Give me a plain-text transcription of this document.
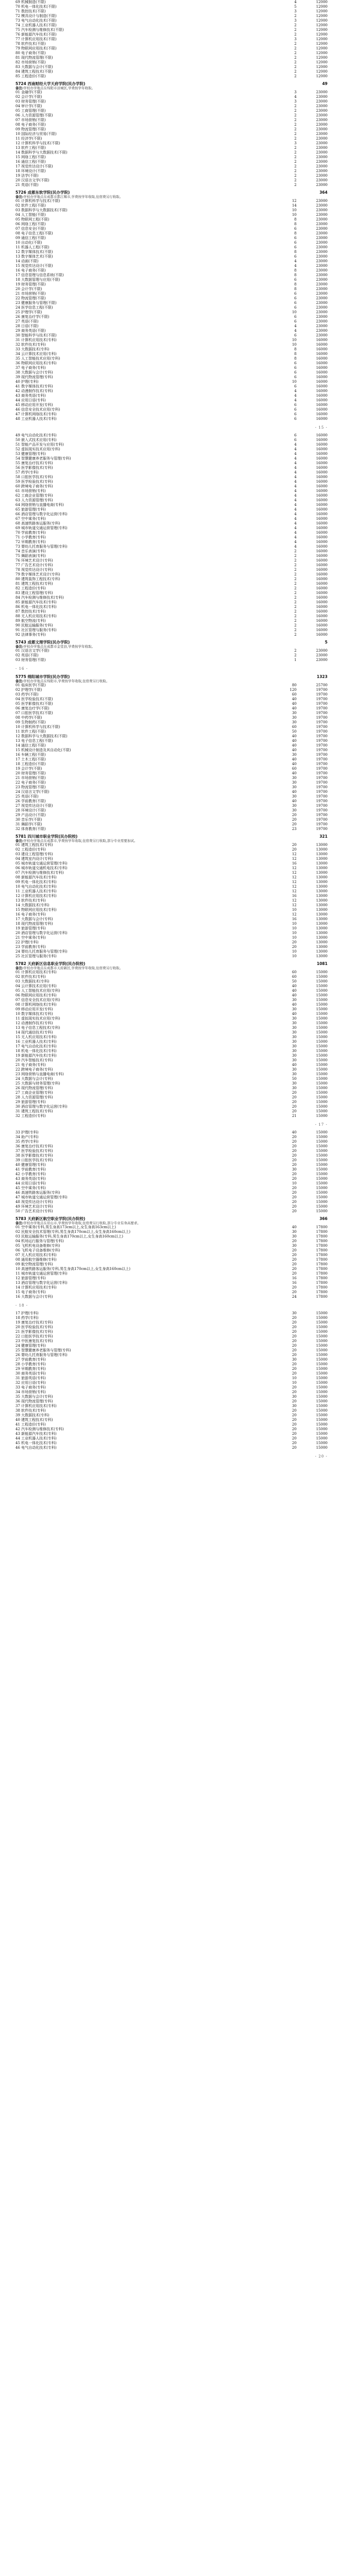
69 机械制造(不限)	4	12000
70 机电一体化技术(不限)	5	12000
71 数控技术(不限)	3	12000
72 模具设计与制造(不限)	2	12000
73 电气自动化技术(不限)	3	12000
74 工业机器人技术(不限)	2	12000
75 汽车检测与维修技术(不限)	2	12000
76 新能源汽车技术(不限)	2	12000
77 计算机应用技术(不限)	3	12000
78 软件技术(不限)	2	12000
79 物联网应用技术(不限)	2	12000
80 电子商务(不限)	2	12000
81 现代物流管理(不限)	2	12000
82 市场营销(不限)	2	12000
83 大数据与会计(不限)	2	12000
84 建筑工程技术(不限)	2	12000
85 工程造价(不限)	2	12000
5724 西南财经大学天府学院(民办学院)	49
备注:学校办学地点在绵阳市涪城区,学费按学年收取。
01 金融学(不限)	3	23000
02 会计学(不限)	4	23000
03 财务管理(不限)	3	23000
04 审计学(不限)	2	23000
05 工商管理(不限)	2	23000
06 人力资源管理(不限)	2	23000
07 市场营销(不限)	2	23000
08 电子商务(不限)	2	23000
09 物流管理(不限)	2	23000
10 国际经济与贸易(不限)	2	23000
11 经济学(不限)	2	23000
12 计算机科学与技术(不限)	3	23000
13 软件工程(不限)	2	23000
14 数据科学与大数据技术(不限)	2	23000
15 网络工程(不限)	2	23000
16 通信工程(不限)	2	23000
17 视觉传达设计(不限)	2	23000
18 环境设计(不限)	2	23000
19 法学(不限)	2	23000
20 汉语言文学(不限)	2	23000
21 英语(不限)	2	23000
5726 成都东软学院(民办学院)	364
备注:学校办学地点在成都市都江堰市,学费按学年收取,住宿费另行收取。
01 计算机科学与技术(不限)	12	23000
02 软件工程(不限)	14	23000
03 数据科学与大数据技术(不限)	10	23000
04 人工智能(不限)	10	23000
05 物联网工程(不限)	8	23000
06 网络工程(不限)	8	23000
07 信息安全(不限)	6	23000
08 电子信息工程(不限)	8	23000
09 通信工程(不限)	6	23000
10 自动化(不限)	6	23000
11 机器人工程(不限)	6	23000
12 数字媒体技术(不限)	8	23000
13 数字媒体艺术(不限)	6	23000
14 动画(不限)	4	23000
15 视觉传达设计(不限)	4	23000
16 电子商务(不限)	8	23000
17 信息管理与信息系统(不限)	8	23000
18 大数据管理与应用(不限)	6	23000
19 财务管理(不限)	8	23000
20 会计学(不限)	8	23000
21 市场营销(不限)	6	23000
22 物流管理(不限)	6	23000
23 健康服务与管理(不限)	6	23000
24 医学信息工程(不限)	6	23000
25 护理学(不限)	10	23000
26 康复治疗学(不限)	6	23000
27 英语(不限)	6	23000
28 日语(不限)	4	23000
29 商务英语(不限)	4	23000
30 智能科学与技术(不限)	6	23000
31 计算机应用技术(专科)	10	16000
32 软件技术(专科)	10	16000
33 大数据技术(专科)	8	16000
34 云计算技术应用(专科)	8	16000
35 人工智能技术应用(专科)	8	16000
36 物联网应用技术(专科)	6	16000
37 电子商务(专科)	6	16000
38 大数据与会计(专科)	6	16000
39 现代物流管理(专科)	6	16000
40 护理(专科)	10	16000
41 数字媒体技术(专科)	6	16000
42 动漫制作技术(专科)	4	16000
43 商务英语(专科)	4	16000
44 应用日语(专科)	4	16000
45 移动应用开发(专科)	6	16000
46 信息安全技术应用(专科)	6	16000
47 计算机网络技术(专科)	6	16000
48 工业机器人技术(专科)	6	16000
- 15 -
49 电气自动化技术(专科)	6	16000
50 嵌入式技术应用(专科)	6	16000
51 智能产品开发与应用(专科)	4	16000
52 虚拟现实技术应用(专科)	4	16000
53 健康管理(专科)	4	16000
54 智慧健康养老服务与管理(专科)	4	16000
55 康复治疗技术(专科)	4	16000
56 医学影像技术(专科)	4	16000
57 药学(专科)	4	16000
58 口腔医学技术(专科)	4	16000
59 医学检验技术(专科)	4	16000
60 跨境电子商务(专科)	4	16000
61 市场营销(专科)	4	16000
62 工商企业管理(专科)	4	16000
63 人力资源管理(专科)	4	16000
64 网络营销与直播电商(专科)	4	16000
65 旅游管理(专科)	4	16000
66 酒店管理与数字化运营(专科)	4	16000
67 空中乘务(专科)	4	16000
68 高速铁路客运服务(专科)	4	16000
69 城市轨道交通运营管理(专科)	4	16000
70 学前教育(专科)	4	16000
71 小学教育(专科)	4	16000
72 早期教育(专科)	4	16000
73 婴幼儿托育服务与管理(专科)	4	16000
74 音乐表演(专科)	2	16000
75 舞蹈表演(专科)	2	16000
76 环境艺术设计(专科)	2	16000
77 广告艺术设计(专科)	2	16000
78 视觉传达设计(专科)	2	16000
79 数字媒体艺术设计(专科)	2	16000
80 建筑装饰工程技术(专科)	2	16000
81 建筑工程技术(专科)	2	16000
82 工程造价(专科)	2	16000
83 建设工程管理(专科)	2	16000
84 汽车检测与维修技术(专科)	2	16000
85 新能源汽车技术(专科)	2	16000
86 机电一体化技术(专科)	2	16000
87 数控技术(专科)	2	16000
88 无人机应用技术(专科)	2	16000
89 航空物流(专科)	2	16000
90 民航运输服务(专科)	2	16000
91 社区管理与服务(专科)	2	16000
92 法律事务(专科)	2	16000
5743 成都文理学院(民办学院)	5
备注:学校办学地点在成都市金堂县,学费按学年收取。
01 汉语言文学(不限)	2	23000
02 英语(不限)	2	23000
03 财务管理(不限)	1	23000
- 16 -
5775 绵阳城市学院(民办学院)	1323
备注:学校办学地点在绵阳市,学费按学年收取,住宿费另行收取。
01 临床医学(不限)	80	25700
02 护理学(不限)	120	19700
03 药学(不限)	60	19700
04 医学检验技术(不限)	40	19700
05 医学影像技术(不限)	40	19700
06 康复治疗学(不限)	40	19700
07 口腔医学技术(不限)	30	19700
08 中药学(不限)	30	19700
09 生物制药(不限)	30	19700
10 计算机科学与技术(不限)	60	19700
11 软件工程(不限)	50	19700
12 数据科学与大数据技术(不限)	40	19700
13 电子信息工程(不限)	40	19700
14 通信工程(不限)	40	19700
15 机械设计制造及其自动化(不限)	40	19700
16 车辆工程(不限)	30	19700
17 土木工程(不限)	40	19700
18 工程造价(不限)	40	19700
19 会计学(不限)	60	19700
20 财务管理(不限)	40	19700
21 市场营销(不限)	30	19700
22 电子商务(不限)	30	19700
23 物流管理(不限)	30	19700
24 汉语言文学(不限)	40	19700
25 英语(不限)	30	19700
26 学前教育(不限)	40	19700
27 视觉传达设计(不限)	30	19700
28 环境设计(不限)	30	19700
29 产品设计(不限)	20	19700
30 音乐学(不限)	20	19700
31 舞蹈学(不限)	20	19700
32 体育教育(不限)	23	19700
5781 四川城市职业学院(民办院校)	321
备注:学校办学地点在成都市,学费按学年收取,住宿费另行收取,部分专业需要加试。
01 建筑工程技术(专科)	20	13000
02 工程造价(专科)	20	13000
03 建设工程管理(专科)	12	13000
04 建筑室内设计(专科)	12	13000
05 城市轨道交通运营管理(专科)	16	13000
06 城市轨道交通机电技术(专科)	12	13000
07 汽车检测与维修技术(专科)	12	13000
08 新能源汽车技术(专科)	12	13000
09 机电一体化技术(专科)	12	13000
10 电气自动化技术(专科)	12	13000
11 工业机器人技术(专科)	12	13000
12 计算机应用技术(专科)	16	13000
13 软件技术(专科)	12	13000
14 大数据技术(专科)	12	13000
15 物联网应用技术(专科)	10	13000
16 电子商务(专科)	12	13000
17 大数据与会计(专科)	16	13000
18 现代物流管理(专科)	10	13000
19 旅游管理(专科)	10	13000
20 酒店管理与数字化运营(专科)	10	13000
21 空中乘务(专科)	10	13000
22 护理(专科)	20	13000
23 学前教育(专科)	20	13000
24 婴幼儿托育服务与管理(专科)	10	13000
25 社区管理与服务(专科)	10	13000
5782 天府新区信息职业学院(民办院校)	1081
备注:学校办学地点在成都市天府新区,学费按学年收取,住宿费另行收取。
01 计算机应用技术(专科)	60	15000
02 软件技术(专科)	60	15000
03 大数据技术(专科)	50	15000
04 云计算技术应用(专科)	40	15000
05 人工智能技术应用(专科)	40	15000
06 物联网应用技术(专科)	40	15000
07 信息安全技术应用(专科)	30	15000
08 计算机网络技术(专科)	40	15000
09 移动应用开发(专科)	30	15000
10 数字媒体技术(专科)	40	15000
11 虚拟现实技术应用(专科)	30	15000
12 动漫制作技术(专科)	30	15000
13 电子信息工程技术(专科)	30	15000
14 现代通信技术(专科)	30	15000
15 无人机应用技术(专科)	30	15000
16 工业机器人技术(专科)	30	15000
17 电气自动化技术(专科)	30	15000
18 机电一体化技术(专科)	30	15000
19 新能源汽车技术(专科)	30	15000
20 汽车智能技术(专科)	30	15000
21 电子商务(专科)	40	15000
22 跨境电子商务(专科)	30	15000
23 网络营销与直播电商(专科)	30	15000
24 大数据与会计(专科)	50	15000
25 大数据与财务管理(专科)	30	15000
26 现代物流管理(专科)	30	15000
27 工商企业管理(专科)	20	15000
28 人力资源管理(专科)	20	15000
29 旅游管理(专科)	20	15000
30 酒店管理与数字化运营(专科)	20	15000
31 建筑工程技术(专科)	20	15000
32 工程造价(专科)	21	15000
- 17 -
33 护理(专科)	40	15000
34 助产(专科)	20	15000
35 药学(专科)	20	15000
36 康复治疗技术(专科)	20	15000
37 医学检验技术(专科)	20	15000
38 医学影像技术(专科)	20	15000
39 口腔医学技术(专科)	20	15000
40 健康管理(专科)	20	15000
41 学前教育(专科)	30	15000
42 小学教育(专科)	20	15000
43 商务英语(专科)	20	15000
44 应用日语(专科)	10	15000
45 空中乘务(专科)	20	15000
46 高速铁路客运服务(专科)	20	15000
47 城市轨道交通运营管理(专科)	20	15000
48 视觉传达设计(专科)	20	15000
49 环境艺术设计(专科)	20	15000
50 广告艺术设计(专科)	20	15000
5783 天府新区航空职业学院(民办院校)	366
备注:学校办学地点在眉山市,学费按学年收取,住宿费另行收取,部分专业有身高要求。
01 空中乘务(专科,男生身高173cm以上,女生身高163cm以上)	40	17800
02 民航安全技术管理(专科,男生身高170cm以上,女生身高160cm以上)	30	17800
03 民航运输服务(专科,男生身高170cm以上,女生身高160cm以上)	30	17800
04 机场运行服务与管理(专科)	20	17800
05 飞机机电设备维修(专科)	30	17800
06 飞机电子设备维修(专科)	20	17800
07 无人机应用技术(专科)	20	17800
08 通用航空器维修(专科)	20	17800
09 航空物流管理(专科)	20	17800
10 高速铁路客运服务(专科,男生身高170cm以上,女生身高160cm以上)	20	17800
11 城市轨道交通运营管理(专科)	20	17800
12 旅游管理(专科)	16	17800
13 酒店管理与数字化运营(专科)	16	17800
14 计算机应用技术(专科)	20	17800
15 电子商务(专科)	20	17800
16 大数据与会计(专科)	24	17800
- 18 -
17 护理(专科)	30	15000
18 药学(专科)	20	15000
19 康复治疗技术(专科)	20	15000
20 医学检验技术(专科)	20	15000
21 医学影像技术(专科)	20	15000
22 口腔医学技术(专科)	20	15000
23 中医康复技术(专科)	20	15000
24 健康管理(专科)	20	15000
25 智慧健康养老服务与管理(专科)	20	15000
26 婴幼儿托育服务与管理(专科)	20	15000
27 学前教育(专科)	30	15000
28 小学教育(专科)	20	15000
29 早期教育(专科)	20	15000
30 商务英语(专科)	20	15000
31 旅游英语(专科)	10	15000
32 应用日语(专科)	10	15000
33 电子商务(专科)	20	15000
34 市场营销(专科)	20	15000
35 大数据与会计(专科)	30	15000
36 现代物流管理(专科)	20	15000
37 计算机应用技术(专科)	30	15000
38 软件技术(专科)	20	15000
39 大数据技术(专科)	20	15000
40 建筑工程技术(专科)	20	15000
41 工程造价(专科)	20	15000
42 汽车检测与维修技术(专科)	20	15000
43 新能源汽车技术(专科)	20	15000
44 工业机器人技术(专科)	20	15000
45 机电一体化技术(专科)	20	15000
46 电气自动化技术(专科)	20	15000
- 20 -
